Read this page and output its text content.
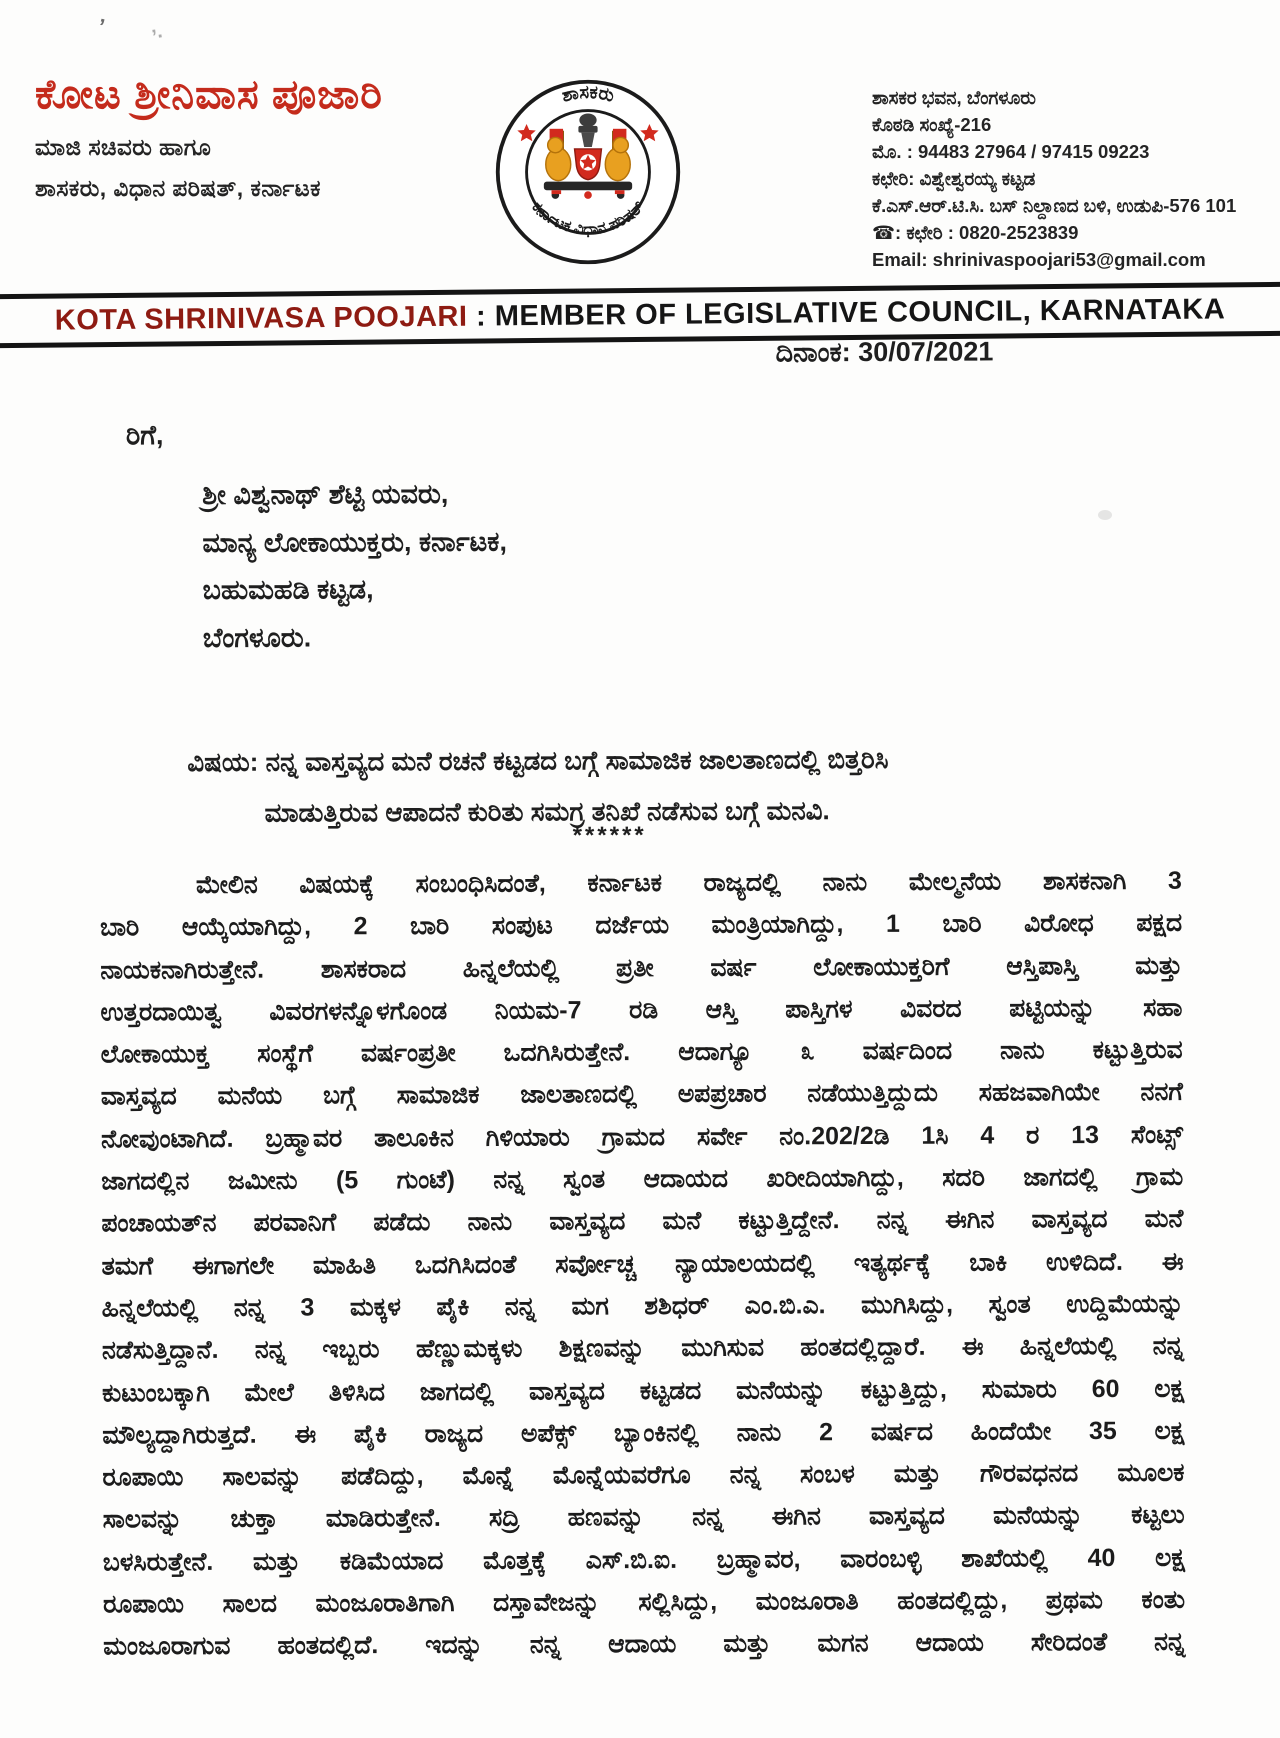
’ ’·
ಕೋಟ ಶ್ರೀನಿವಾಸ ಪೂಜಾರಿ
ಮಾಜಿ ಸಚಿವರು ಹಾಗೂ
ಶಾಸಕರು, ವಿಧಾನ ಪರಿಷತ್, ಕರ್ನಾಟಕ
ಶಾಸಕರು
ಕರ್ನಾಟಕ ವಿಧಾನ ಪರಿಷತ್
ಶಾಸಕರ ಭವನ, ಬೆಂಗಳೂರು
ಕೊಠಡಿ ಸಂಖ್ಯೆ-216
ಮೊ. : 94483 27964 / 97415 09223
ಕಛೇರಿ: ವಿಶ್ವೇಶ್ವರಯ್ಯ ಕಟ್ಟಡ
ಕೆ.ಎಸ್.ಆರ್.ಟಿ.ಸಿ. ಬಸ್ ನಿಲ್ದಾಣದ ಬಳಿ, ಉಡುಪಿ-576 101
☎: ಕಛೇರಿ : 0820-2523839
Email: shrinivaspoojari53@gmail.com
KOTA SHRINIVASA POOJARI : MEMBER OF LEGISLATIVE COUNCIL, KARNATAKA
ದಿನಾಂಕ: 30/07/2021
ರಿಗೆ,
ಶ್ರೀ ವಿಶ್ವನಾಥ್ ಶೆಟ್ಟಿ ಯವರು,
ಮಾನ್ಯ ಲೋಕಾಯುಕ್ತರು, ಕರ್ನಾಟಕ,
ಬಹುಮಹಡಿ ಕಟ್ಟಡ,
ಬೆಂಗಳೂರು.
ವಿಷಯ: ನನ್ನ ವಾಸ್ತವ್ಯದ ಮನೆ ರಚನೆ ಕಟ್ಟಡದ ಬಗ್ಗೆ ಸಾಮಾಜಿಕ ಜಾಲತಾಣದಲ್ಲಿ ಬಿತ್ತರಿಸಿ
ಮಾಡುತ್ತಿರುವ ಆಪಾದನೆ ಕುರಿತು ಸಮಗ್ರ ತನಿಖೆ ನಡೆಸುವ ಬಗ್ಗೆ ಮನವಿ.
******
ಮೇಲಿನ ವಿಷಯಕ್ಕೆ ಸಂಬಂಧಿಸಿದಂತೆ, ಕರ್ನಾಟಕ ರಾಜ್ಯದಲ್ಲಿ ನಾನು ಮೇಲ್ಮನೆಯ ಶಾಸಕನಾಗಿ 3
ಬಾರಿ ಆಯ್ಕೆಯಾಗಿದ್ದು, 2 ಬಾರಿ ಸಂಪುಟ ದರ್ಜೆಯ ಮಂತ್ರಿಯಾಗಿದ್ದು, 1 ಬಾರಿ ವಿರೋಧ ಪಕ್ಷದ
ನಾಯಕನಾಗಿರುತ್ತೇನೆ. ಶಾಸಕರಾದ ಹಿನ್ನಲೆಯಲ್ಲಿ ಪ್ರತೀ ವರ್ಷ ಲೋಕಾಯುಕ್ತರಿಗೆ ಆಸ್ತಿಪಾಸ್ತಿ ಮತ್ತು
ಉತ್ತರದಾಯಿತ್ವ ವಿವರಗಳನ್ನೊಳಗೊಂಡ ನಿಯಮ-7 ರಡಿ ಆಸ್ತಿ ಪಾಸ್ತಿಗಳ ವಿವರದ ಪಟ್ಟಿಯನ್ನು ಸಹಾ
ಲೋಕಾಯುಕ್ತ ಸಂಸ್ಥೆಗೆ ವರ್ಷಂಪ್ರತೀ ಒದಗಿಸಿರುತ್ತೇನೆ. ಆದಾಗ್ಯೂ ೩ ವರ್ಷದಿಂದ ನಾನು ಕಟ್ಟುತ್ತಿರುವ
ವಾಸ್ತವ್ಯದ ಮನೆಯ ಬಗ್ಗೆ ಸಾಮಾಜಿಕ ಜಾಲತಾಣದಲ್ಲಿ ಅಪಪ್ರಚಾರ ನಡೆಯುತ್ತಿದ್ದುದು ಸಹಜವಾಗಿಯೇ ನನಗೆ
ನೋವುಂಟಾಗಿದೆ. ಬ್ರಹ್ಮಾವರ ತಾಲೂಕಿನ ಗಿಳಿಯಾರು ಗ್ರಾಮದ ಸರ್ವೇ ನಂ.202/2ಡಿ 1ಸಿ 4 ರ 13 ಸೆಂಟ್ಸ್
ಜಾಗದಲ್ಲಿನ ಜಮೀನು (5 ಗುಂಟೆ) ನನ್ನ ಸ್ವಂತ ಆದಾಯದ ಖರೀದಿಯಾಗಿದ್ದು, ಸದರಿ ಜಾಗದಲ್ಲಿ ಗ್ರಾಮ
ಪಂಚಾಯತ್‌ನ ಪರವಾನಿಗೆ ಪಡೆದು ನಾನು ವಾಸ್ತವ್ಯದ ಮನೆ ಕಟ್ಟುತ್ತಿದ್ದೇನೆ. ನನ್ನ ಈಗಿನ ವಾಸ್ತವ್ಯದ ಮನೆ
ತಮಗೆ ಈಗಾಗಲೇ ಮಾಹಿತಿ ಒದಗಿಸಿದಂತೆ ಸರ್ವೋಚ್ಚ ನ್ಯಾಯಾಲಯದಲ್ಲಿ ಇತ್ಯರ್ಥಕ್ಕೆ ಬಾಕಿ ಉಳಿದಿದೆ. ಈ
ಹಿನ್ನಲೆಯಲ್ಲಿ ನನ್ನ 3 ಮಕ್ಕಳ ಪೈಕಿ ನನ್ನ ಮಗ ಶಶಿಧರ್ ಎಂ.ಬಿ.ಎ. ಮುಗಿಸಿದ್ದು, ಸ್ವಂತ ಉದ್ದಿಮೆಯನ್ನು
ನಡೆಸುತ್ತಿದ್ದಾನೆ. ನನ್ನ ಇಬ್ಬರು ಹೆಣ್ಣುಮಕ್ಕಳು ಶಿಕ್ಷಣವನ್ನು ಮುಗಿಸುವ ಹಂತದಲ್ಲಿದ್ದಾರೆ. ಈ ಹಿನ್ನಲೆಯಲ್ಲಿ ನನ್ನ
ಕುಟುಂಬಕ್ಕಾಗಿ ಮೇಲೆ ತಿಳಿಸಿದ ಜಾಗದಲ್ಲಿ ವಾಸ್ತವ್ಯದ ಕಟ್ಟಡದ ಮನೆಯನ್ನು ಕಟ್ಟುತ್ತಿದ್ದು, ಸುಮಾರು 60 ಲಕ್ಷ
ಮೌಲ್ಯದ್ದಾಗಿರುತ್ತದೆ. ಈ ಪೈಕಿ ರಾಜ್ಯದ ಅಪೆಕ್ಸ್ ಬ್ಯಾಂಕಿನಲ್ಲಿ ನಾನು 2 ವರ್ಷದ ಹಿಂದೆಯೇ 35 ಲಕ್ಷ
ರೂಪಾಯಿ ಸಾಲವನ್ನು ಪಡೆದಿದ್ದು, ಮೊನ್ನೆ ಮೊನ್ನೆಯವರೆಗೂ ನನ್ನ ಸಂಬಳ ಮತ್ತು ಗೌರವಧನದ ಮೂಲಕ
ಸಾಲವನ್ನು ಚುಕ್ತಾ ಮಾಡಿರುತ್ತೇನೆ. ಸದ್ರಿ ಹಣವನ್ನು ನನ್ನ ಈಗಿನ ವಾಸ್ತವ್ಯದ ಮನೆಯನ್ನು ಕಟ್ಟಲು
ಬಳಸಿರುತ್ತೇನೆ. ಮತ್ತು ಕಡಿಮೆಯಾದ ಮೊತ್ತಕ್ಕೆ ಎಸ್.ಬಿ.ಐ. ಬ್ರಹ್ಮಾವರ, ವಾರಂಬಳ್ಳಿ ಶಾಖೆಯಲ್ಲಿ 40 ಲಕ್ಷ
ರೂಪಾಯಿ ಸಾಲದ ಮಂಜೂರಾತಿಗಾಗಿ ದಸ್ತಾವೇಜನ್ನು ಸಲ್ಲಿಸಿದ್ದು, ಮಂಜೂರಾತಿ ಹಂತದಲ್ಲಿದ್ದು, ಪ್ರಥಮ ಕಂತು
ಮಂಜೂರಾಗುವ ಹಂತದಲ್ಲಿದೆ. ಇದನ್ನು ನನ್ನ ಆದಾಯ ಮತ್ತು ಮಗನ ಆದಾಯ ಸೇರಿದಂತೆ ನನ್ನ
